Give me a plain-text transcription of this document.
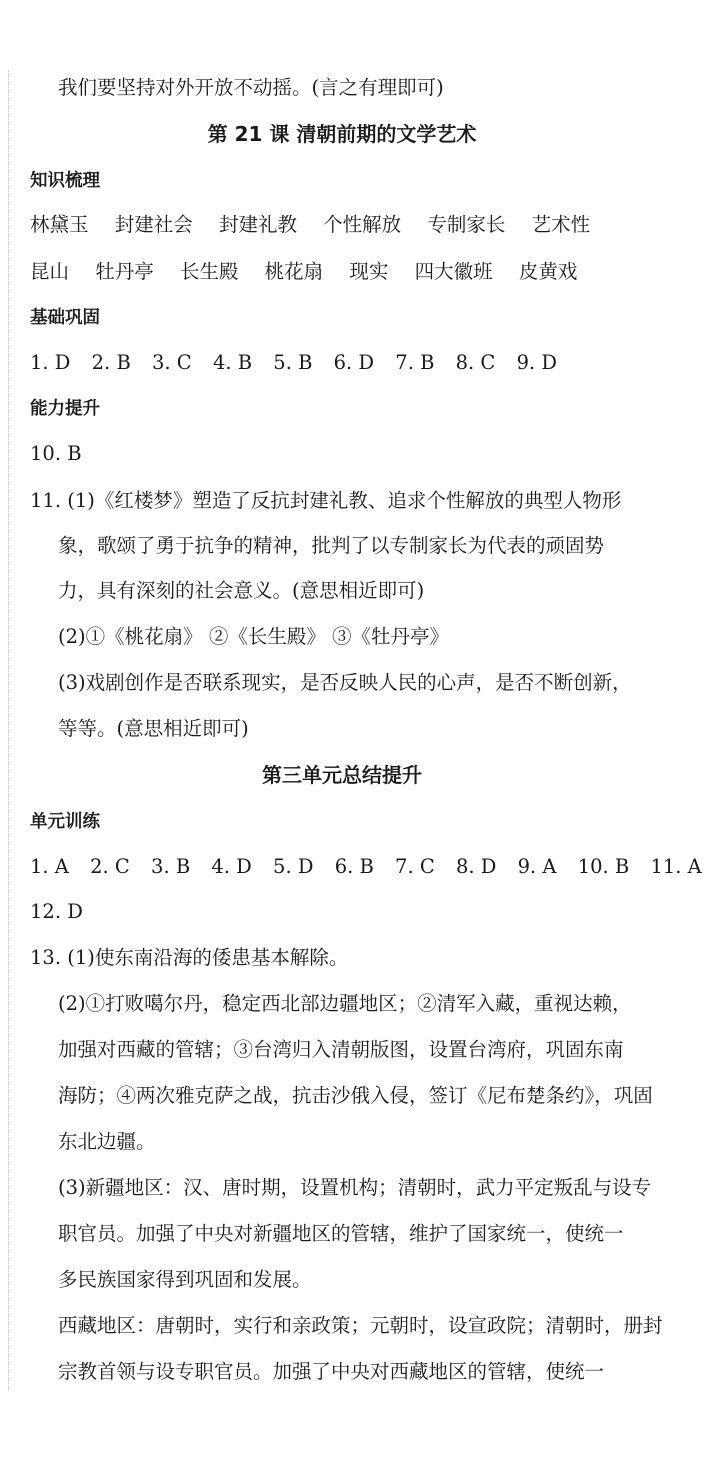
我们要坚持对外开放不动摇。(言之有理即可)
第 21 课 清朝前期的文学艺术
知识梳理
林黛玉 封建社会 封建礼教 个性解放 专制家长 艺术性
昆山 牡丹亭 长生殿 桃花扇 现实 四大徽班 皮黄戏
基础巩固
1. D 2. B 3. C 4. B 5. B 6. D 7. B 8. C 9. D
能力提升
10. B
11. (1)《红楼梦》塑造了反抗封建礼教、追求个性解放的典型人物形
象，歌颂了勇于抗争的精神，批判了以专制家长为代表的顽固势
力，具有深刻的社会意义。(意思相近即可)
(2)①《桃花扇》 ②《长生殿》 ③《牡丹亭》
(3)戏剧创作是否联系现实，是否反映人民的心声，是否不断创新，
等等。(意思相近即可)
第三单元总结提升
单元训练
1. A 2. C 3. B 4. D 5. D 6. B 7. C 8. D 9. A 10. B 11. A
12. D
13. (1)使东南沿海的倭患基本解除。
(2)①打败噶尔丹，稳定西北部边疆地区；②清军入藏，重视达赖，
加强对西藏的管辖；③台湾归入清朝版图，设置台湾府，巩固东南
海防；④两次雅克萨之战，抗击沙俄入侵，签订《尼布楚条约》，巩固
东北边疆。
(3)新疆地区：汉、唐时期，设置机构；清朝时，武力平定叛乱与设专
职官员。加强了中央对新疆地区的管辖，维护了国家统一，使统一
多民族国家得到巩固和发展。
西藏地区：唐朝时，实行和亲政策；元朝时，设宣政院；清朝时，册封
宗教首领与设专职官员。加强了中央对西藏地区的管辖，使统一
